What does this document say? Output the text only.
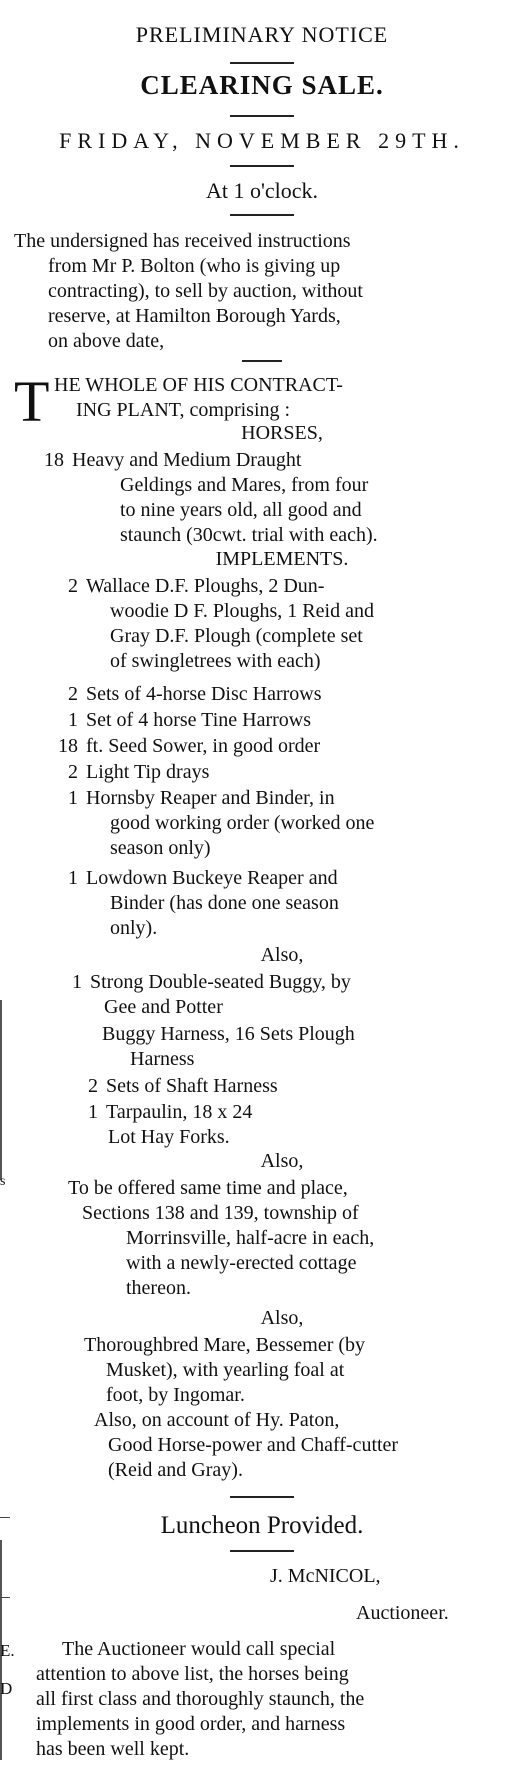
s
E.
D
PRELIMINARY NOTICE
CLEARING SALE.
FRIDAY, NOVEMBER 29TH.
At 1 o'clock.
The undersigned has received instructions
from Mr P. Bolton (who is giving up
contracting), to sell by auction, without
reserve, at Hamilton Borough Yards,
on above date,
T HE WHOLE OF HIS CONTRACT-
ING PLANT, comprising :
HORSES,
18 Heavy and Medium Draught
Geldings and Mares, from four
to nine years old, all good and
staunch (30cwt. trial with each).
IMPLEMENTS.
2 Wallace D.F. Ploughs, 2 Dun-
woodie D F. Ploughs, 1 Reid and
Gray D.F. Plough (complete set
of swingletrees with each)
2 Sets of 4-horse Disc Harrows
1 Set of 4 horse Tine Harrows
18 ft. Seed Sower, in good order
2 Light Tip drays
1 Hornsby Reaper and Binder, in
good working order (worked one
season only)
1 Lowdown Buckeye Reaper and
Binder (has done one season
only).
Also,
1 Strong Double-seated Buggy, by
Gee and Potter
Buggy Harness, 16 Sets Plough
Harness
2 Sets of Shaft Harness
1 Tarpaulin, 18 x 24
Lot Hay Forks.
Also,
To be offered same time and place,
Sections 138 and 139, township of
Morrinsville, half-acre in each,
with a newly-erected cottage
thereon.
Also,
Thoroughbred Mare, Bessemer (by
Musket), with yearling foal at
foot, by Ingomar.
Also, on account of Hy. Paton,
Good Horse-power and Chaff-cutter
(Reid and Gray).
Luncheon Provided.
J. McNICOL,
Auctioneer.
The Auctioneer would call special
attention to above list, the horses being
all first class and thoroughly staunch, the
implements in good order, and harness
has been well kept.
